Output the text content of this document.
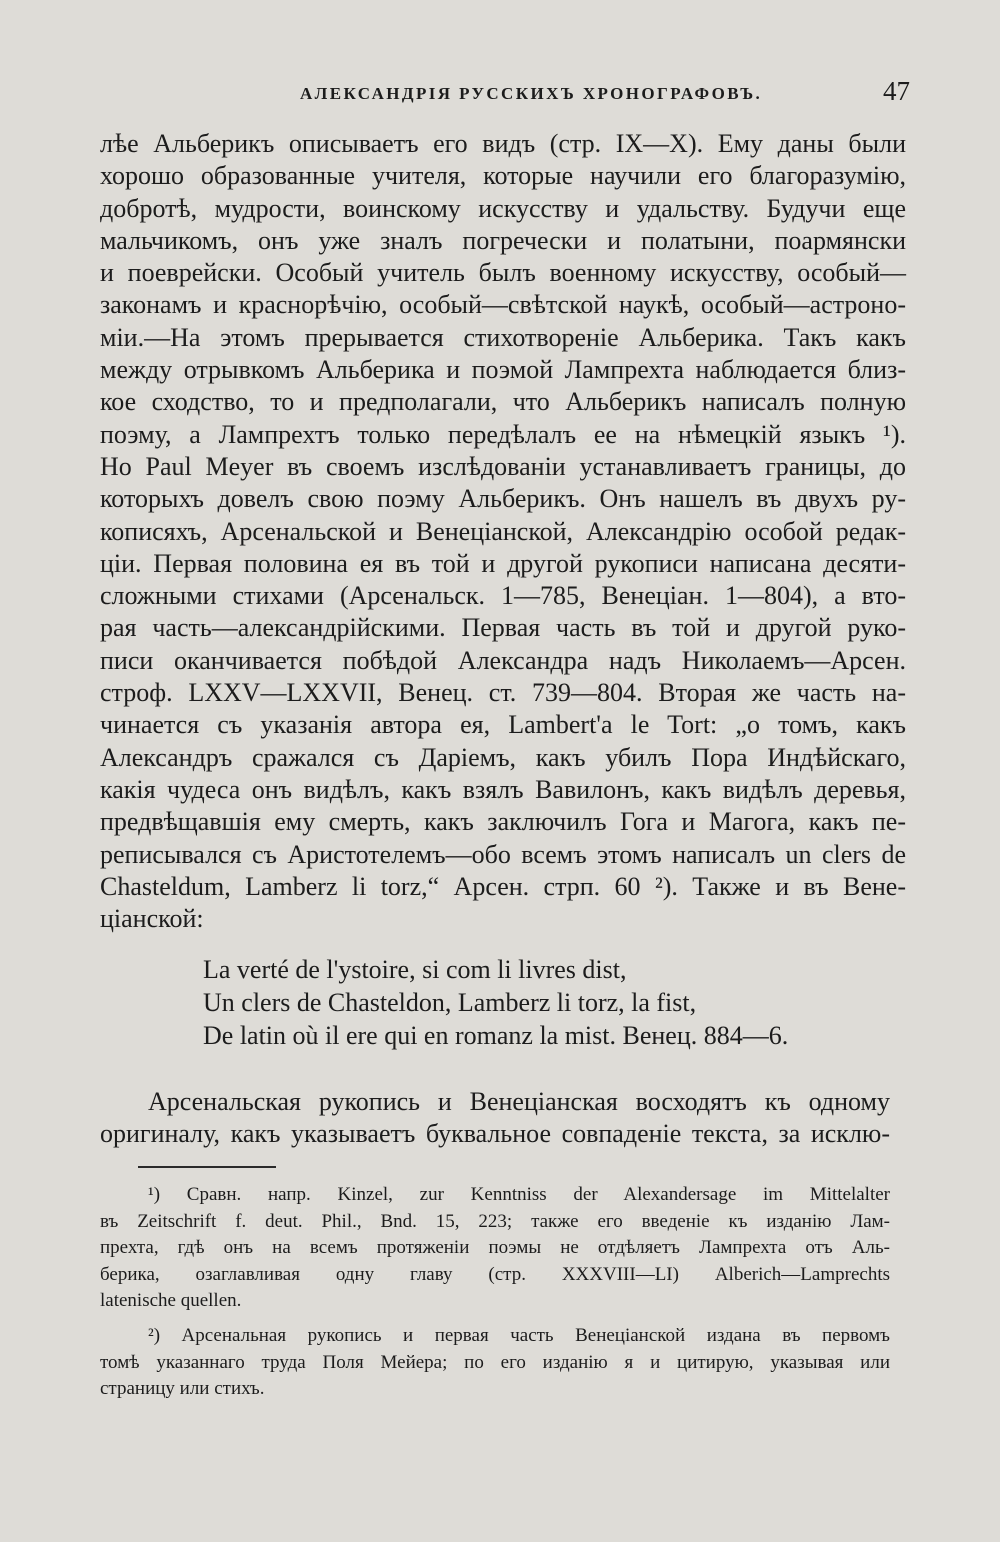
АЛЕКСАНДРІЯ РУССКИХЪ ХРОНОГРАФОВЪ.	47
лѣе Альберикъ описываетъ его видъ (стр. IX—X). Ему даны были
хорошо образованные учителя, которые научили его благоразумію,
добротѣ, мудрости, воинскому искусству и удальству. Будучи еще
мальчикомъ, онъ уже зналъ погречески и полатыни, поармянски
и поеврейски. Особый учитель былъ военному искусству, особый—
законамъ и краснорѣчію, особый—свѣтской наукѣ, особый—астроно-
міи.—На этомъ прерывается стихотвореніе Альберика. Такъ какъ
между отрывкомъ Альберика и поэмой Лампрехта наблюдается близ-
кое сходство, то и предполагали, что Альберикъ написалъ полную
поэму, а Лампрехтъ только передѣлалъ ее на нѣмецкій языкъ ¹).
Но Paul Meyer въ своемъ изслѣдованіи устанавливаетъ границы, до
которыхъ довелъ свою поэму Альберикъ. Онъ нашелъ въ двухъ ру-
кописяхъ, Арсенальской и Венеціанской, Александрію особой редак-
ціи. Первая половина ея въ той и другой рукописи написана десяти-
сложными стихами (Арсенальск. 1—785, Венеціан. 1—804), а вто-
рая часть—александрійскими. Первая часть въ той и другой руко-
писи оканчивается побѣдой Александра надъ Николаемъ—Арсен.
строф. LXXV—LXXVII, Венец. ст. 739—804. Вторая же часть на-
чинается съ указанія автора ея, Lambert'a le Tort: „о томъ, какъ
Александръ сражался съ Даріемъ, какъ убилъ Пора Индѣйскаго,
какія чудеса онъ видѣлъ, какъ взялъ Вавилонъ, какъ видѣлъ деревья,
предвѣщавшія ему смерть, какъ заключилъ Гога и Магога, какъ пе-
реписывался съ Аристотелемъ—обо всемъ этомъ написалъ un clers de
Chasteldum, Lamberz li torz,“ Арсен. стрп. 60 ²). Также и въ Вене-
ціанской:
La verté de l'ystoire, si com li livres dist,
Un clers de Chasteldon, Lamberz li torz, la fist,
De latin où il ere qui en romanz la mist. Венец. 884—6.
Арсенальская рукопись и Венеціанская восходятъ къ одному
оригиналу, какъ указываетъ буквальное совпаденіе текста, за исклю-
¹) Сравн. напр. Kinzel, zur Kenntniss der Alexandersage im Mittelalter
въ Zeitschrift f. deut. Phil., Bnd. 15, 223; также его введеніе къ изданію Лам-
прехта, гдѣ онъ на всемъ протяженіи поэмы не отдѣляетъ Лампрехта отъ Аль-
берика, озаглавливая одну главу (стр. XXXVIII—LI) Alberich—Lamprechts
latenische quellen.
²) Арсенальная рукопись и первая часть Венеціанской издана въ первомъ
томѣ указаннаго труда Поля Мейера; по его изданію я и цитирую, указывая или
страницу или стихъ.
